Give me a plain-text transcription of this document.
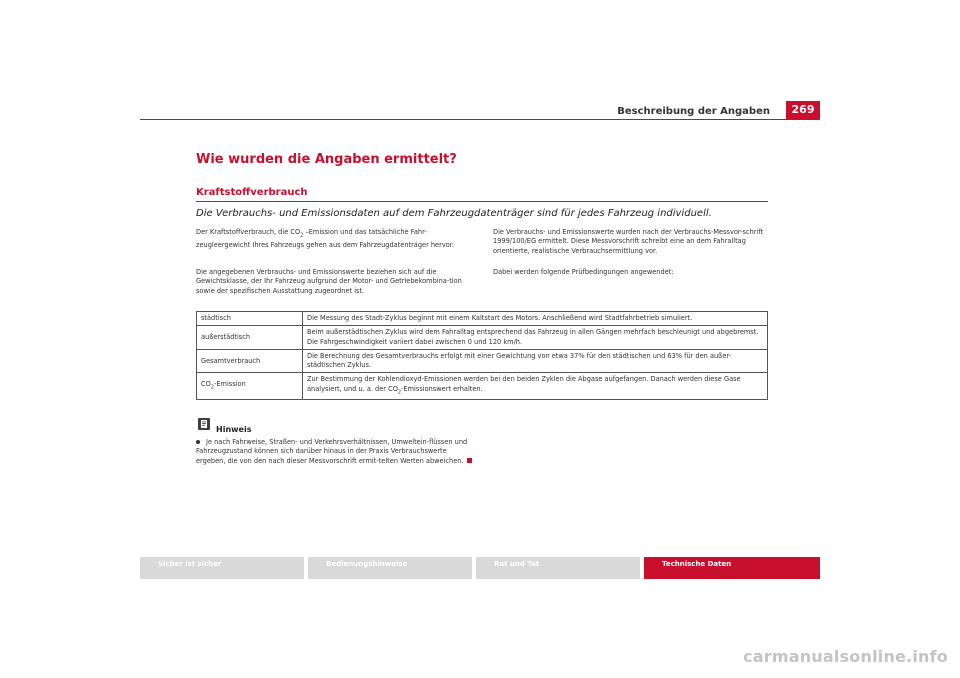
Beschreibung der Angaben	269
Wie wurden die Angaben ermittelt?
Kraftstoffverbrauch
Die Verbrauchs- und Emissionsdaten auf dem Fahrzeugdatenträger sind für jedes Fahrzeug individuell.
Der Kraftstoffverbrauch, die $CO_2$ –Emission und das tatsächliche Fahr-zeugleergewicht Ihres Fahrzeugs gehen aus dem Fahrzeugdatenträger hervor.
Die angegebenen Verbrauchs- und Emissionswerte beziehen sich auf die Gewichtsklasse, der Ihr Fahrzeug aufgrund der Motor- und Getriebekombina-tion sowie der spezifischen Ausstattung zugeordnet ist.
Die Verbrauchs- und Emissionswerte wurden nach der Verbrauchs-Messvor-schrift 1999/100/EG ermittelt. Diese Messvorschrift schreibt eine an dem Fahralltag orientierte, realistische Verbrauchsermittlung vor.
Dabei werden folgende Prüfbedingungen angewendet:
städtisch	Die Messung des Stadt-Zyklus beginnt mit einem Kaltstart des Motors. Anschließend wird Stadtfahrbetrieb simuliert.
außerstädtisch	Beim außerstädtischen Zyklus wird dem Fahralltag entsprechend das Fahrzeug in allen Gängen mehrfach beschleunigt und abgebremst. Die Fahrgeschwindigkeit variiert dabei zwischen 0 und 120 km/h.
Gesamtverbrauch	Die Berechnung des Gesamtverbrauchs erfolgt mit einer Gewichtung von etwa 37% für den städtischen und 63% für den außer-städtischen Zyklus.
$CO_2$-Emission	Zur Bestimmung der Kohlendioxyd-Emissionen werden bei den beiden Zyklen die Abgase aufgefangen. Danach werden diese Gase analysiert, und u. a. der $CO_2$-Emissionswert erhalten.
Hinweis
Je nach Fahrweise, Straßen- und Verkehrsverhältnissen, Umweltein-flüssen und Fahrzeugzustand können sich darüber hinaus in der Praxis Verbrauchswerte ergeben, die von den nach dieser Messvorschrift ermit-telten Werten abweichen.
Sicher ist sicher	Bedienungshinweise	Rat und Tat	Technische Daten
carmanualsonline.info
